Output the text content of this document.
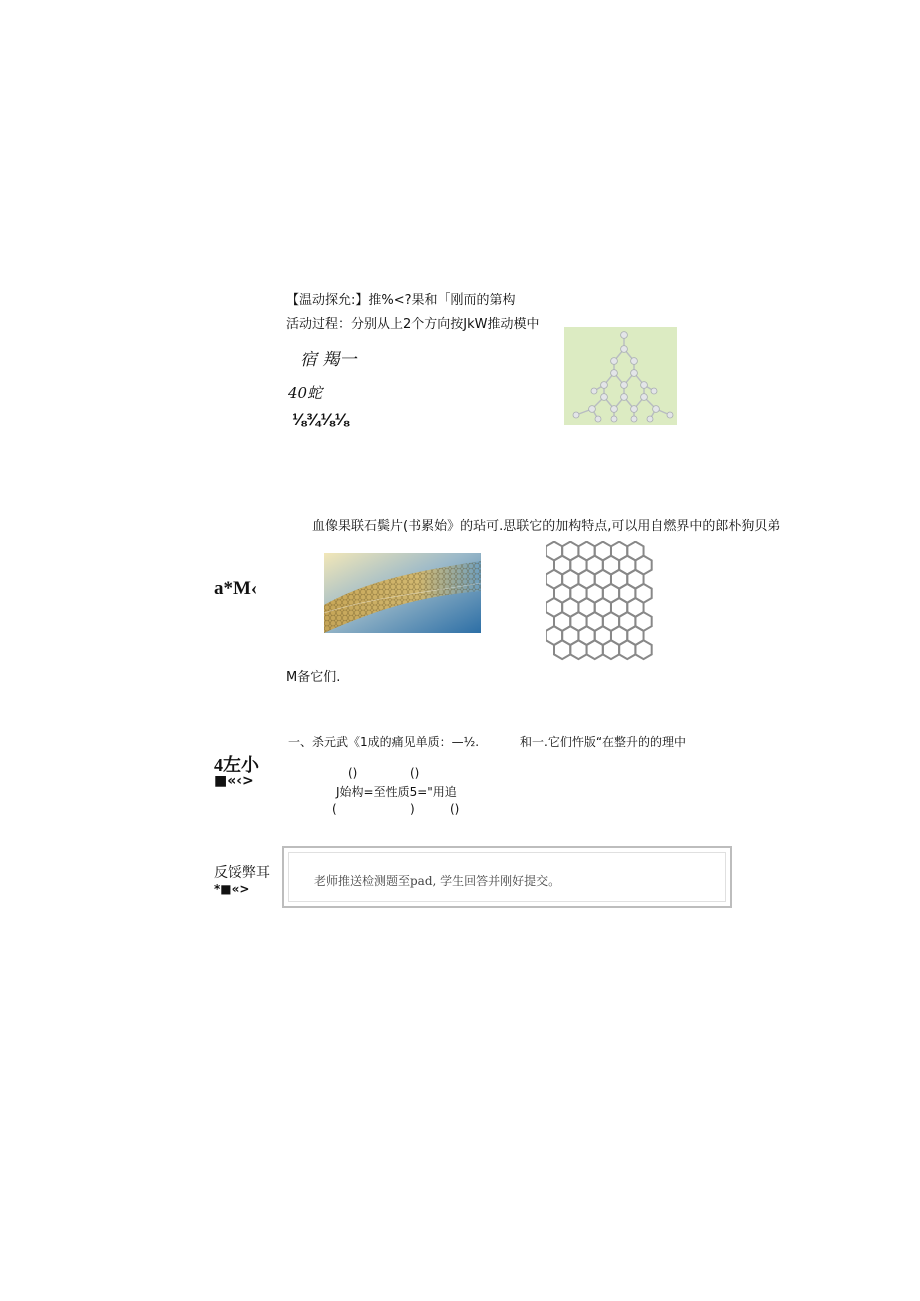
【温动探允:】推%<?果和「刚而的第构
活动过程：分别从上2个方向按JkW推动模中
宿 羯一
40蛇
⅛¾⅛⅛
血像果联石鬓片(书累始》的玷可.思联它的加构特点,可以用自燃界中的郎朴狗贝弟
a*M‹
M备它们.
4左小
■«‹>
一、杀元武《1成的痛见单质：—½.	和一.它们忤版“在整升的的理中
()	()
J始构=至性质5="用追
(	)	()
反馁弊耳
*■«>
老师推送检测题至pad, 学生回答并刚好提交。
